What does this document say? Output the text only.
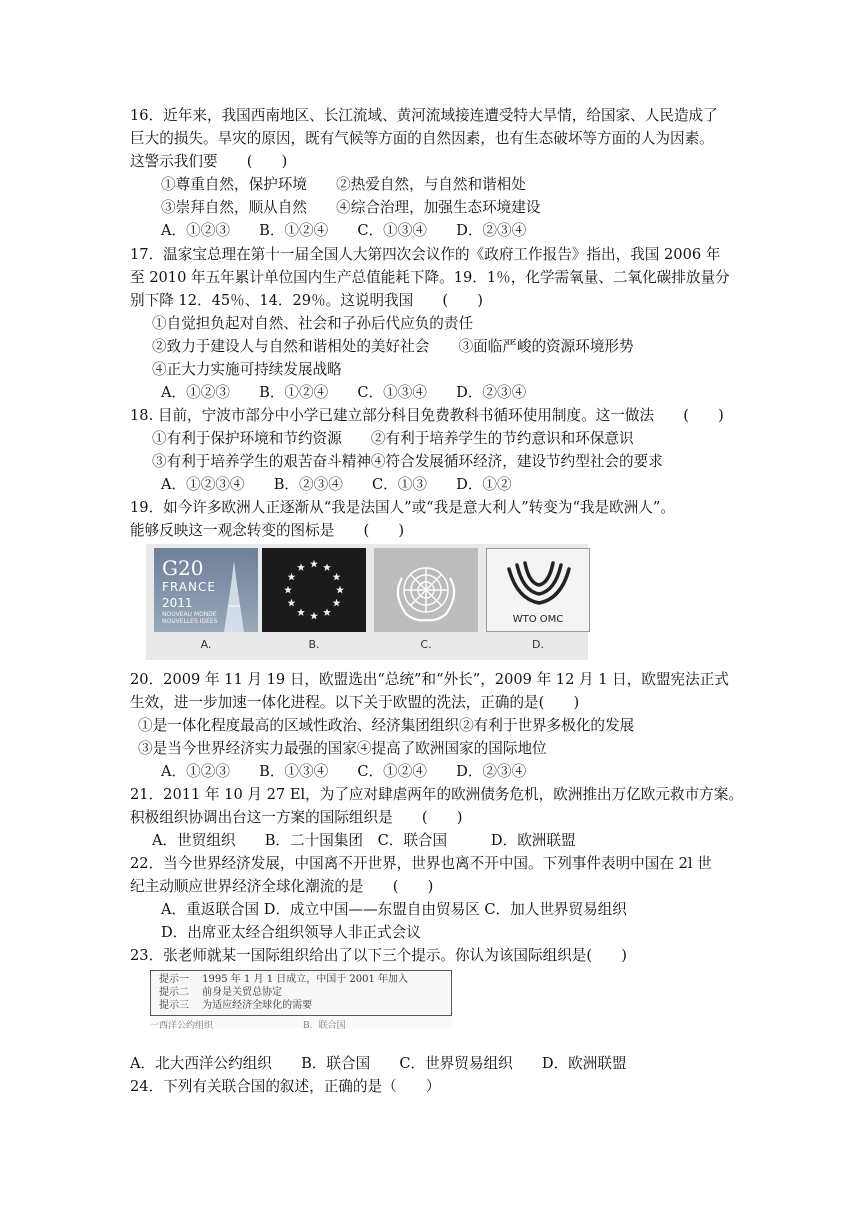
16．近年来，我国西南地区、长江流域、黄河流域接连遭受特大旱情，给国家、人民造成了
巨大的损失。旱灾的原因，既有气候等方面的自然因素，也有生态破坏等方面的人为因素。
这警示我们要　　(　　)
①尊重自然，保护环境　　②热爱自然，与自然和谐相处
③崇拜自然，顺从自然　　④综合治理，加强生态环境建设
A．①②③　　B．①②④　　C．①③④　　D．②③④
17．温家宝总理在第十一届全国人大第四次会议作的《政府工作报告》指出，我国 2006 年
至 2010 年五年累计单位国内生产总值能耗下降。19．1％，化学需氧量、二氧化碳排放量分
别下降 12．45％、14．29％。这说明我国　　(　　)
①自觉担负起对自然、社会和子孙后代应负的责任
②致力于建设人与自然和谐相处的美好社会　　③面临严峻的资源环境形势
④正大力实施可持续发展战略
A．①②③　　B．①②④　　C．①③④　　D．②③④
18. 目前，宁波市部分中小学已建立部分科目免费教科书循环使用制度。这一做法　　(　　)
①有利于保护环境和节约资源　　②有利于培养学生的节约意识和环保意识
③有利于培养学生的艰苦奋斗精神④符合发展循环经济，建设节约型社会的要求
A．①②③④　　B．②③④　　C．①③　　D．①②
19．如今许多欧洲人正逐渐从“我是法国人”或“我是意大利人”转变为“我是欧洲人”。
能够反映这一观念转变的图标是　　(　　)
G20
FRANCE
2011
NOUVEAU MONDE
NOUVELLES IDÉES
A.	B.	C.
WTO OMC
D.
20．2009 年 11 月 19 日，欧盟选出“总统”和“外长”，2009 年 12 月 1 日，欧盟宪法正式
生效，进一步加速一体化进程。以下关于欧盟的洗法，正确的是(　　)
①是一体化程度最高的区域性政治、经济集团组织②有利于世界多极化的发展
③是当今世界经济实力最强的国家④提高了欧洲国家的国际地位
A．①②③　　B．①③④　　C．①②④　　D．②③④
21．2011 年 10 月 27 El，为了应对肆虐两年的欧洲债务危机，欧洲推出万亿欧元救市方案。
积极组织协调出台这一方案的国际组织是　　(　　)
A．世贸组织　　B．二十国集团　C．联合国　　　D．欧洲联盟
22．当今世界经济发展，中国离不开世界，世界也离不开中国。下列事件表明中国在 2l 世
纪主动顺应世界经济全球化潮流的是　　(　　)
A．重返联合国 D．成立中国——东盟自由贸易区 C．加人世界贸易组织
D．出席亚太经合组织领导人非正式会议
23．张老师就某一国际组织给出了以下三个提示。你认为该国际组织是(　　)
提示一　 1995 年 1 月 1 日成立，中国于 2001 年加入
提示二　 前身是关贸总协定
提示三　 为适应经济全球化的需要
一西洋公约组织　　　　　　　　　　B．联合国
A．北大西洋公约组织　　B．联合国　　C．世界贸易组织　　D．欧洲联盟
24．下列有关联合国的叙述，正确的是（　　）
